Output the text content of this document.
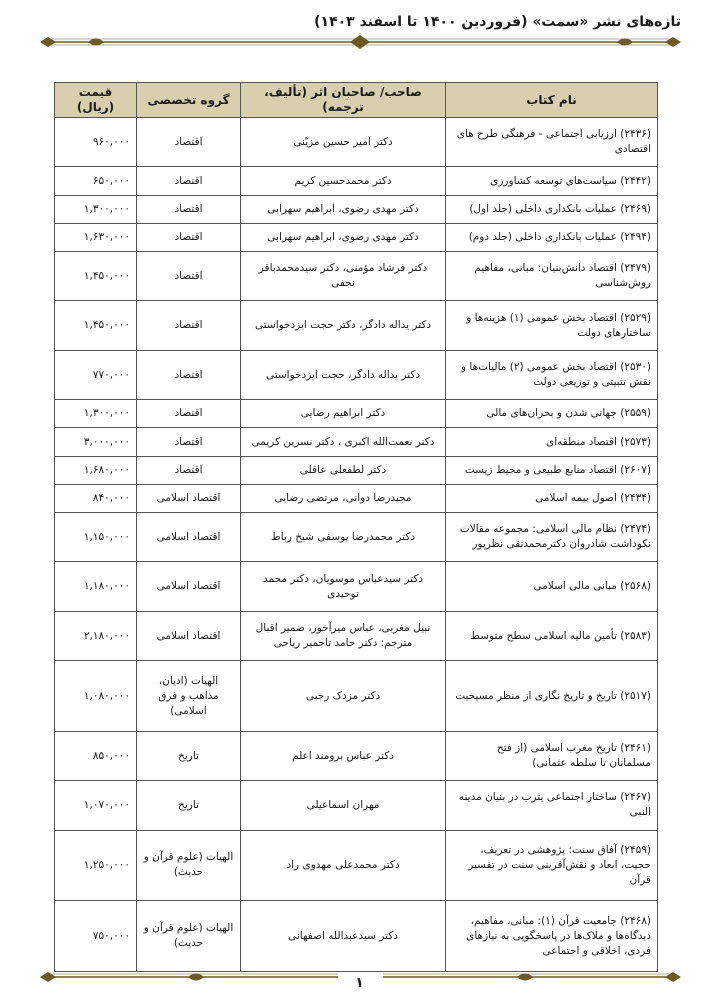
تازه‌های نشر «سمت» (فروردین ۱۴۰۰ تا اسفند ۱۴۰۳)
نام کتاب	صاحب/ صاحبان اثر (تألیف، ترجمه)	گروه تخصصی	قیمت (ریال)
(۲۴۳۶) ارزیابی اجتماعی - فرهنگی طرح های اقتصادی	دکتر امیر حسین مزیّنی	اقتصاد	۹۶۰,۰۰۰
(۲۴۴۲) سیاست‌های توسعه کشاورزی	دکتر محمدحسین کریم	اقتصاد	۶۵۰,۰۰۰
(۲۴۶۹) عملیات بانکداری داخلی (جلد اول)	دکتر مهدی رضوی، ابراهیم سهرابی	اقتصاد	۱,۳۰۰,۰۰۰
(۲۴۹۴) عملیات بانکداری داخلی (جلد دوم)	دکتر مهدی رضوی، ابراهیم سهرابی	اقتصاد	۱,۶۳۰,۰۰۰
(۲۴۷۹) اقتصاد دانش‌بنیان: مبانی، مفاهیم روش‌شناسی	دکتر فرشاد مؤمنی، دکتر سیدمحمدباقر نجفی	اقتصاد	۱,۴۵۰,۰۰۰
(۲۵۲۹) اقتصاد بخش عمومی (۱) هزینه‌ها و ساختارهای دولت	دکتر یداله دادگر، دکتر حجت ایزدخواستی	اقتصاد	۱,۴۵۰,۰۰۰
(۲۵۳۰) اقتصاد بخش عمومی (۲) مالیات‌ها و نقش تثبیتی و توزیعی دولت	دکتر یداله دادگر، حجت ایزدخواستی	اقتصاد	۷۷۰,۰۰۰
(۲۵۵۹) جهانی شدن و بحران‌های مالی	دکتر ابراهیم رضایی	اقتصاد	۱,۳۰۰,۰۰۰
(۲۵۷۳) اقتصاد منطقه‌ای	دکتر نعمت‌الله اکبری ، دکتر نسرین کریمی	اقتصاد	۳,۰۰۰,۰۰۰
(۲۶۰۷) اقتصاد منابع طبیعی و محیط زیست	دکتر لطفعلی عاقلی	اقتصاد	۱,۶۸۰,۰۰۰
(۲۴۳۴) اصول بیمه اسلامی	مجیدرضا دوانی، مرتضی رضایی	اقتصاد اسلامی	۸۴۰,۰۰۰
(۲۴۷۴) نظام مالی اسلامی: مجموعه مقالات نکوداشت شادروان دکترمحمدنقی نظرپور	دکتر محمدرضا یوسفی شیخ رباط	اقتصاد اسلامی	۱,۱۵۰,۰۰۰
(۲۵۶۸) مبانی مالی اسلامی	دکتر سیدعباس موسویان، دکتر محمد توحیدی	اقتصاد اسلامی	۱,۱۸۰,۰۰۰
(۲۵۸۳) تأمین مالیه اسلامی سطح متوسط	نبیل مغربی، عباس میرآخور، ضمیر اقبال مترجم: دکتر حامد تاجمیر ریاحی	اقتصاد اسلامی	۲,۱۸۰,۰۰۰
(۲۵۱۷) تاریخ و تاریخ نگاری از منظر مسیحیت	دکتر مزدک رجبی	الهیات (ادیان، مذاهب و فرق اسلامی)	۱,۰۸۰,۰۰۰
(۲۴۶۱) تاریخ مغرب اسلامی (از فتح مسلمانان تا سلطه عثمانی)	دکتر عباس برومند اعلم	تاریخ	۸۵۰,۰۰۰
(۲۴۶۷) ساختار اجتماعی یثرب در بنیان مدینه النبی	مهران اسماعیلی	تاریخ	۱,۰۷۰,۰۰۰
(۲۴۵۹) آفاق سنت: پژوهشی در تعریف، حجیت، ابعاد و نقش‌آفرینی سنت در تفسیر قرآن	دکتر محمدعلی مهدوی راد	الهیات (علوم قرآن و حدیث)	۱,۲۵۰,۰۰۰
(۲۴۶۸) جامعیت قرآن (۱): مبانی، مفاهیم، دیدگاه‌ها و ملاک‌ها در پاسخگویی به نیازهای فردی، اخلاقی و اجتماعی	دکتر سیدعبدالله اصفهانی	الهیات (علوم قرآن و حدیث)	۷۵۰,۰۰۰
۱
